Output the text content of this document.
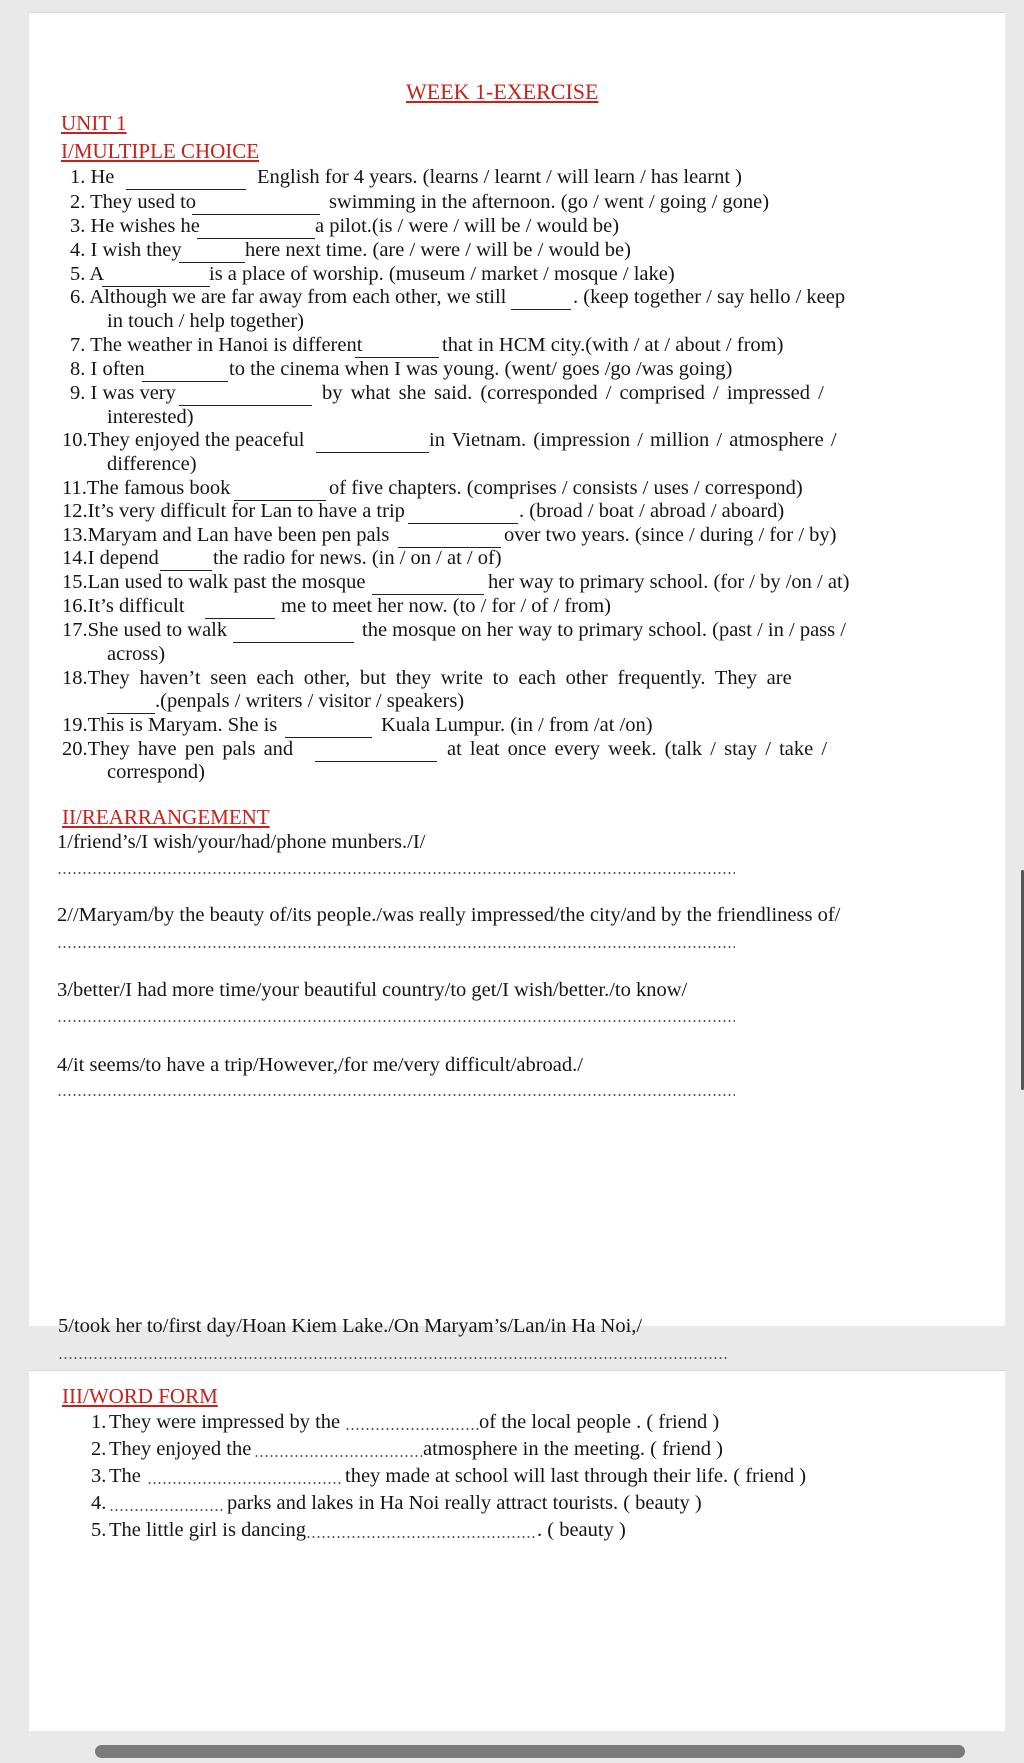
WEEK 1-EXERCISE
UNIT 1
I/MULTIPLE CHOICE
1. He	English for 4 years. (learns / learnt / will learn / has learnt )
2. They used to	swimming in the afternoon. (go / went / going / gone)
3. He wishes he	a pilot.(is / were / will be / would be)
4. I wish they	here next time. (are / were / will be / would be)
5. A	is a place of worship. (museum / market / mosque / lake)
6. Although we are far away from each other, we still	. (keep together / say hello / keep
in touch / help together)
7. The weather in Hanoi is different	that in HCM city.(with / at / about / from)
8. I often	to the cinema when I was young. (went/ goes /go /was going)
9. I was very	by what she said. (corresponded / comprised / impressed /
interested)
10.They enjoyed the peaceful	in Vietnam. (impression / million / atmosphere /
difference)
11.The famous book	of five chapters. (comprises / consists / uses / correspond)
12.It’s very difficult for Lan to have a trip	. (broad / boat / abroad / aboard)
13.Maryam and Lan have been pen pals	over two years. (since / during / for / by)
14.I depend	the radio for news. (in / on / at / of)
15.Lan used to walk past the mosque	her way to primary school. (for / by /on / at)
16.It’s difficult	me to meet her now. (to / for / of / from)
17.She used to walk	the mosque on her way to primary school. (past / in / pass /
across)
18.They haven’t seen each other, but they write to each other frequently. They are
.(penpals / writers / visitor / speakers)
19.This is Maryam. She is	Kuala Lumpur. (in / from /at /on)
20.They have pen pals and	at leat once every week. (talk / stay / take /
correspond)
II/REARRANGEMENT
1/friend’s/I wish/your/had/phone munbers./I/
2//Maryam/by the beauty of/its people./was really impressed/the city/and by the friendliness of/
3/better/I had more time/your beautiful country/to get/I wish/better./to know/
4/it seems/to have a trip/However,/for me/very difficult/abroad./
5/took her to/first day/Hoan Kiem Lake./On Maryam’s/Lan/in Ha Noi,/
III/WORD FORM
1. They were impressed by the	of the local people . ( friend )
2. They enjoyed the	atmosphere in the meeting. ( friend )
3. The	they made at school will last through their life. ( friend )
4.	parks and lakes in Ha Noi really attract tourists. ( beauty )
5. The little girl is dancing	. ( beauty )
